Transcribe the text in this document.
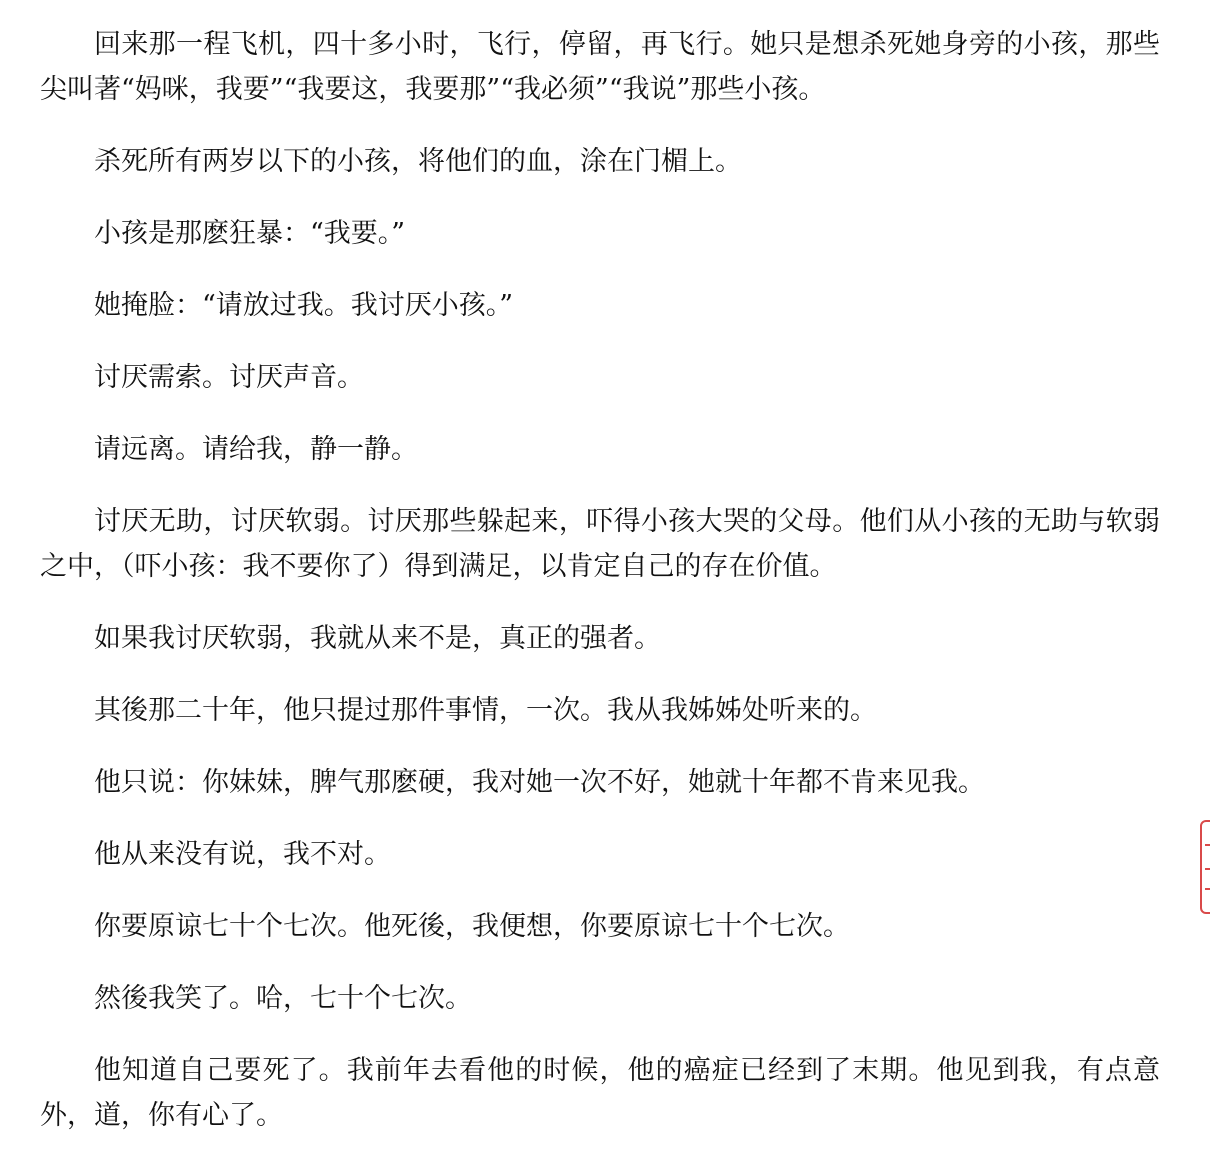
回来那一程飞机，四十多小时，飞行，停留，再飞行。她只是想杀死她身旁的小孩，那些尖叫著“妈咪，我要”“我要这，我要那”“我必须”“我说”那些小孩。

杀死所有两岁以下的小孩，将他们的血，涂在门楣上。

小孩是那麽狂暴：“我要。”

她掩脸：“请放过我。我讨厌小孩。”

讨厌需索。讨厌声音。

请远离。请给我，静一静。

讨厌无助，讨厌软弱。讨厌那些躲起来，吓得小孩大哭的父母。他们从小孩的无助与软弱之中，（吓小孩：我不要你了）得到满足，以肯定自己的存在价值。

如果我讨厌软弱，我就从来不是，真正的强者。

其後那二十年，他只提过那件事情，一次。我从我姊姊处听来的。

他只说：你妹妹，脾气那麽硬，我对她一次不好，她就十年都不肯来见我。

他从来没有说，我不对。

你要原谅七十个七次。他死後，我便想，你要原谅七十个七次。

然後我笑了。哈，七十个七次。

他知道自己要死了。我前年去看他的时候，他的癌症已经到了末期。他见到我，有点意外，道，你有心了。
